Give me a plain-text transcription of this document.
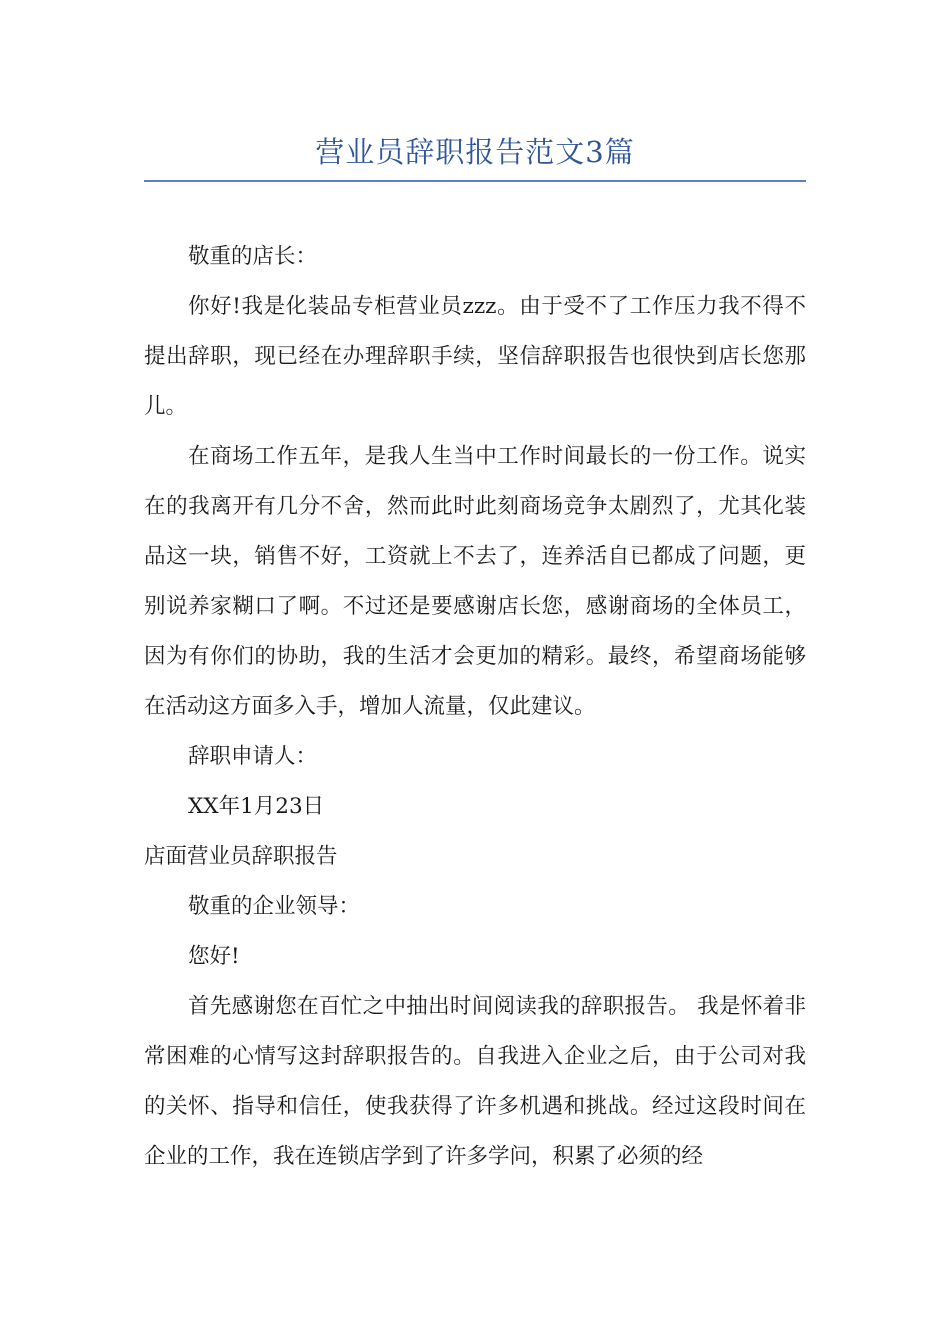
营业员辞职报告范文3篇

敬重的店长：

你好!我是化装品专柜营业员zzz。由于受不了工作压力我不得不提出辞职，现已经在办理辞职手续，坚信辞职报告也很快到店长您那儿。

在商场工作五年，是我人生当中工作时间最长的一份工作。说实在的我离开有几分不舍，然而此时此刻商场竞争太剧烈了，尤其化装品这一块，销售不好，工资就上不去了，连养活自已都成了问题，更别说养家糊口了啊。不过还是要感谢店长您，感谢商场的全体员工，因为有你们的协助，我的生活才会更加的精彩。最终，希望商场能够在活动这方面多入手，增加人流量，仅此建议。

辞职申请人：

XX年1月23日

店面营业员辞职报告

敬重的企业领导：

您好!

首先感谢您在百忙之中抽出时间阅读我的辞职报告。 我是怀着非常困难的心情写这封辞职报告的。自我进入企业之后，由于公司对我的关怀、指导和信任，使我获得了许多机遇和挑战。经过这段时间在企业的工作，我在连锁店学到了许多学问，积累了必须的经
